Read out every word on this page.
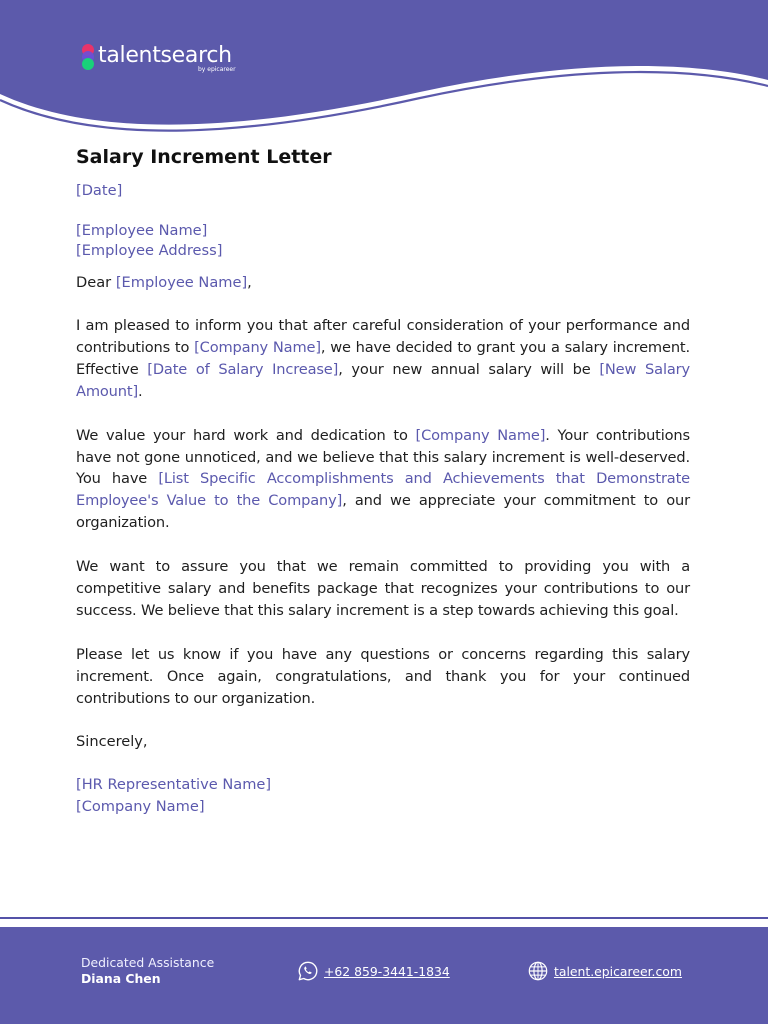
talentsearch
by epicareer
Salary Increment Letter

[Date]

[Employee Name]

[Employee Address]

Dear [Employee Name],

I am pleased to inform you that after careful consideration of your performance and contributions to [Company Name], we have decided to grant you a salary increment. Effective [Date of Salary Increase], your new annual salary will be [New Salary Amount].

We value your hard work and dedication to [Company Name]. Your contributions have not gone unnoticed, and we believe that this salary increment is well-deserved. You have [List Specific Accomplishments and Achievements that Demonstrate Employee's Value to the Company], and we appreciate your commitment to our organization.

We want to assure you that we remain committed to providing you with a competitive salary and benefits package that recognizes your contributions to our success. We believe that this salary increment is a step towards achieving this goal.

Please let us know if you have any questions or concerns regarding this salary increment. Once again, congratulations, and thank you for your continued contributions to our organization.

Sincerely,

[HR Representative Name]

[Company Name]

Dedicated Assistance
Diana Chen	+62 859-3441-1834	talent.epicareer.com
